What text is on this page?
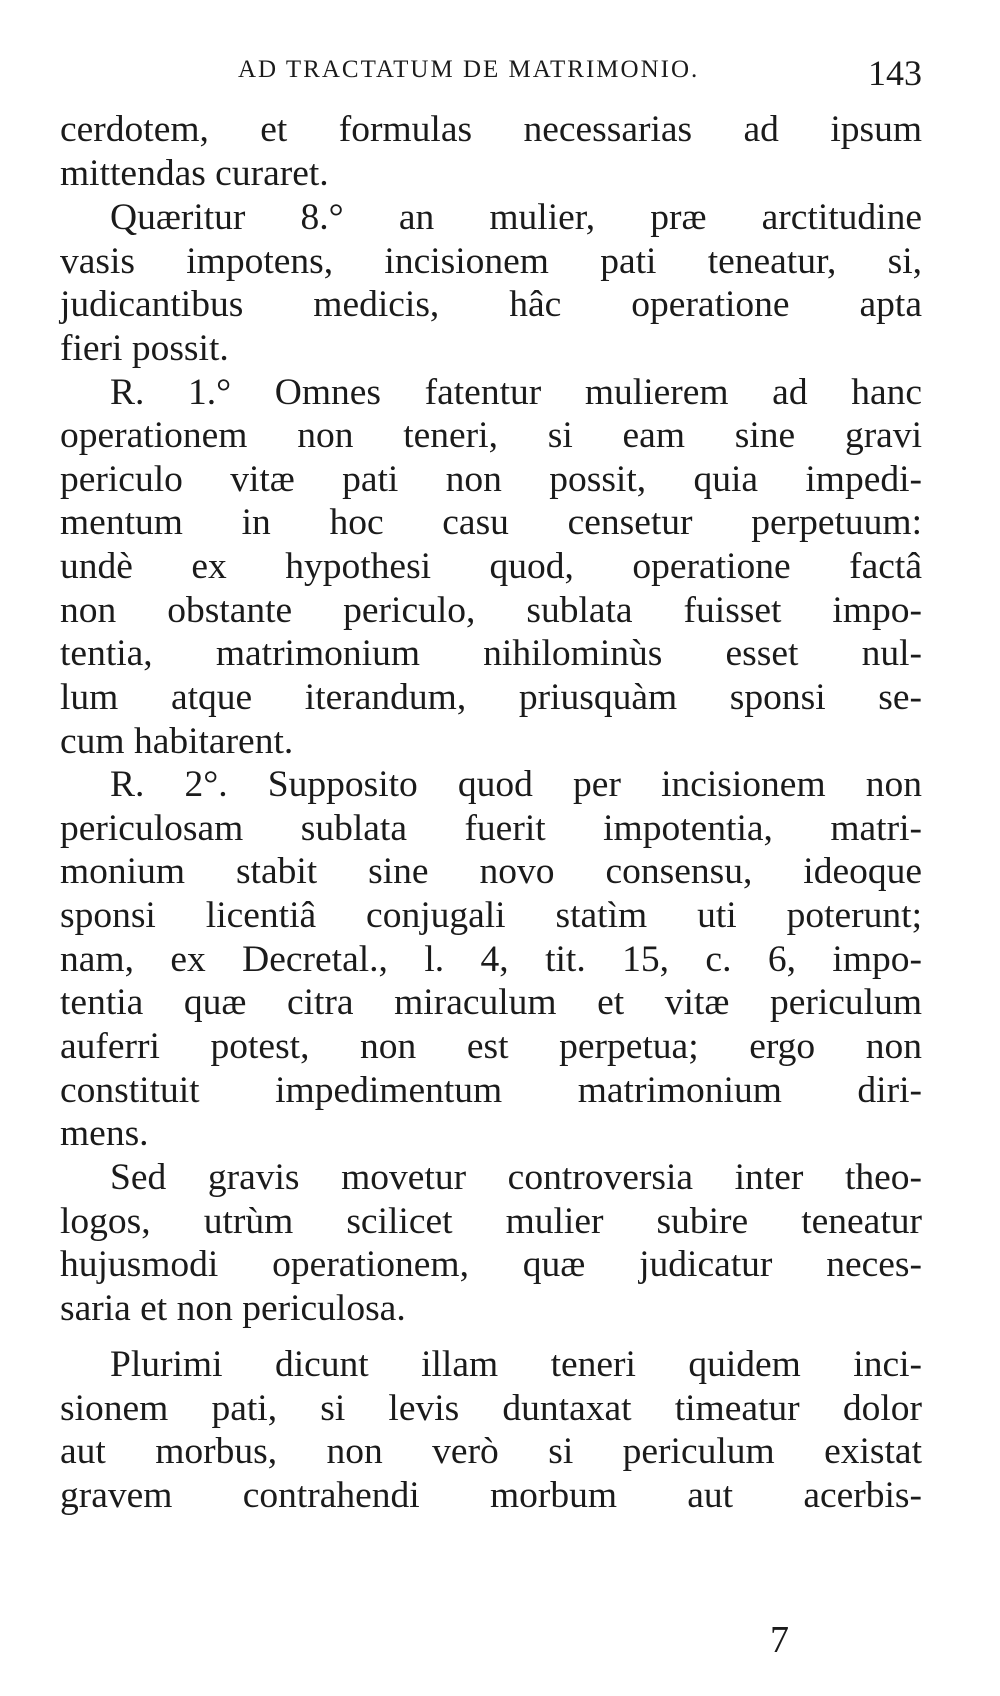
AD TRACTATUM DE MATRIMONIO.	143
cerdotem, et formulas necessarias ad ipsum
mittendas curaret.
Quæritur 8.° an mulier, præ arctitudine
vasis impotens, incisionem pati teneatur, si,
judicantibus medicis, hâc operatione apta
fieri possit.
R. 1.° Omnes fatentur mulierem ad hanc
operationem non teneri, si eam sine gravi
periculo vitæ pati non possit, quia impedi-
mentum in hoc casu censetur perpetuum:
undè ex hypothesi quod, operatione factâ
non obstante periculo, sublata fuisset impo-
tentia, matrimonium nihilominùs esset nul-
lum atque iterandum, priusquàm sponsi se-
cum habitarent.
R. 2°. Supposito quod per incisionem non
periculosam sublata fuerit impotentia, matri-
monium stabit sine novo consensu, ideoque
sponsi licentiâ conjugali statìm uti poterunt;
nam, ex Decretal., l. 4, tit. 15, c. 6, impo-
tentia quæ citra miraculum et vitæ periculum
auferri potest, non est perpetua; ergo non
constituit impedimentum matrimonium diri-
mens.
Sed gravis movetur controversia inter theo-
logos, utrùm scilicet mulier subire teneatur
hujusmodi operationem, quæ judicatur neces-
saria et non periculosa.
Plurimi dicunt illam teneri quidem inci-
sionem pati, si levis duntaxat timeatur dolor
aut morbus, non verò si periculum existat
gravem contrahendi morbum aut acerbis-
7
